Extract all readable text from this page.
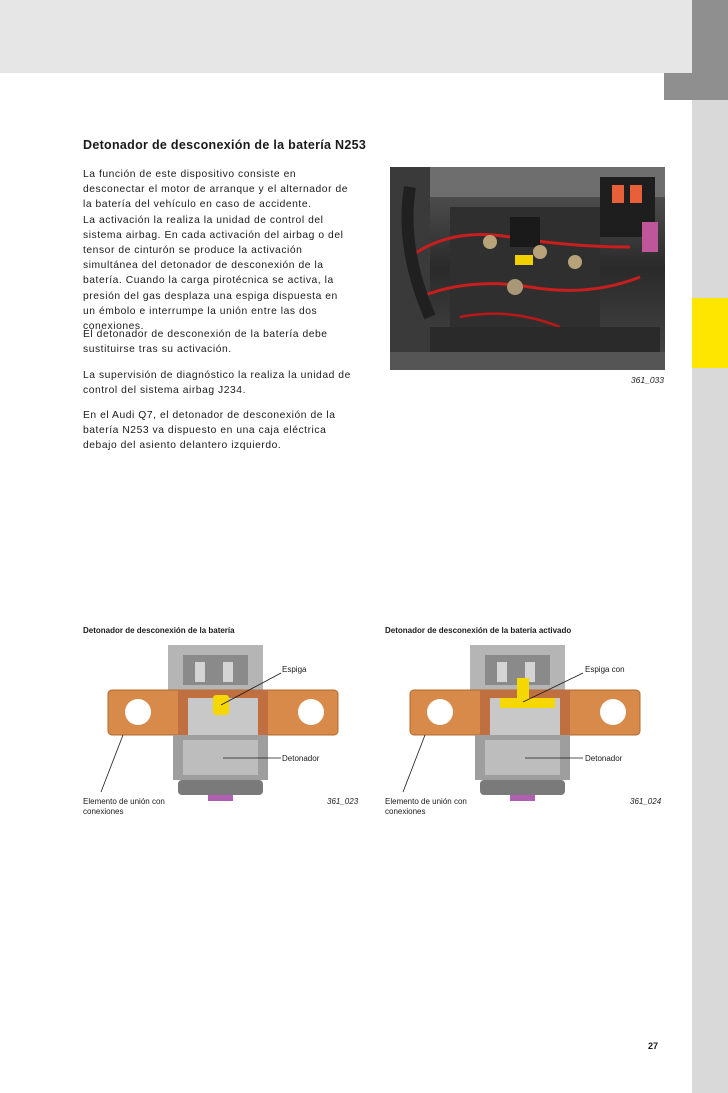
Detonador de desconexión de la batería N253

La función de este dispositivo consiste en
desconectar el motor de arranque y el alternador de
la batería del vehículo en caso de accidente.
La activación la realiza la unidad de control del
sistema airbag. En cada activación del airbag o del
tensor de cinturón se produce la activación
simultánea del detonador de desconexión de la
batería. Cuando la carga pirotécnica se activa, la
presión del gas desplaza una espiga dispuesta en
un émbolo e interrumpe la unión entre las dos
conexiones.

El detonador de desconexión de la batería debe
sustituirse tras su activación.

La supervisión de diagnóstico la realiza la unidad de
control del sistema airbag J234.

En el Audi Q7, el detonador de desconexión de la
batería N253 va dispuesto en una caja eléctrica
debajo del asiento delantero izquierdo.

361_033
Detonador de desconexión de la batería
Espiga
Detonador
Elemento de unión con
conexiones
361_023
Detonador de desconexión de la batería activado
Espiga con
Detonador
Elemento de unión con
conexiones
361_024
27
